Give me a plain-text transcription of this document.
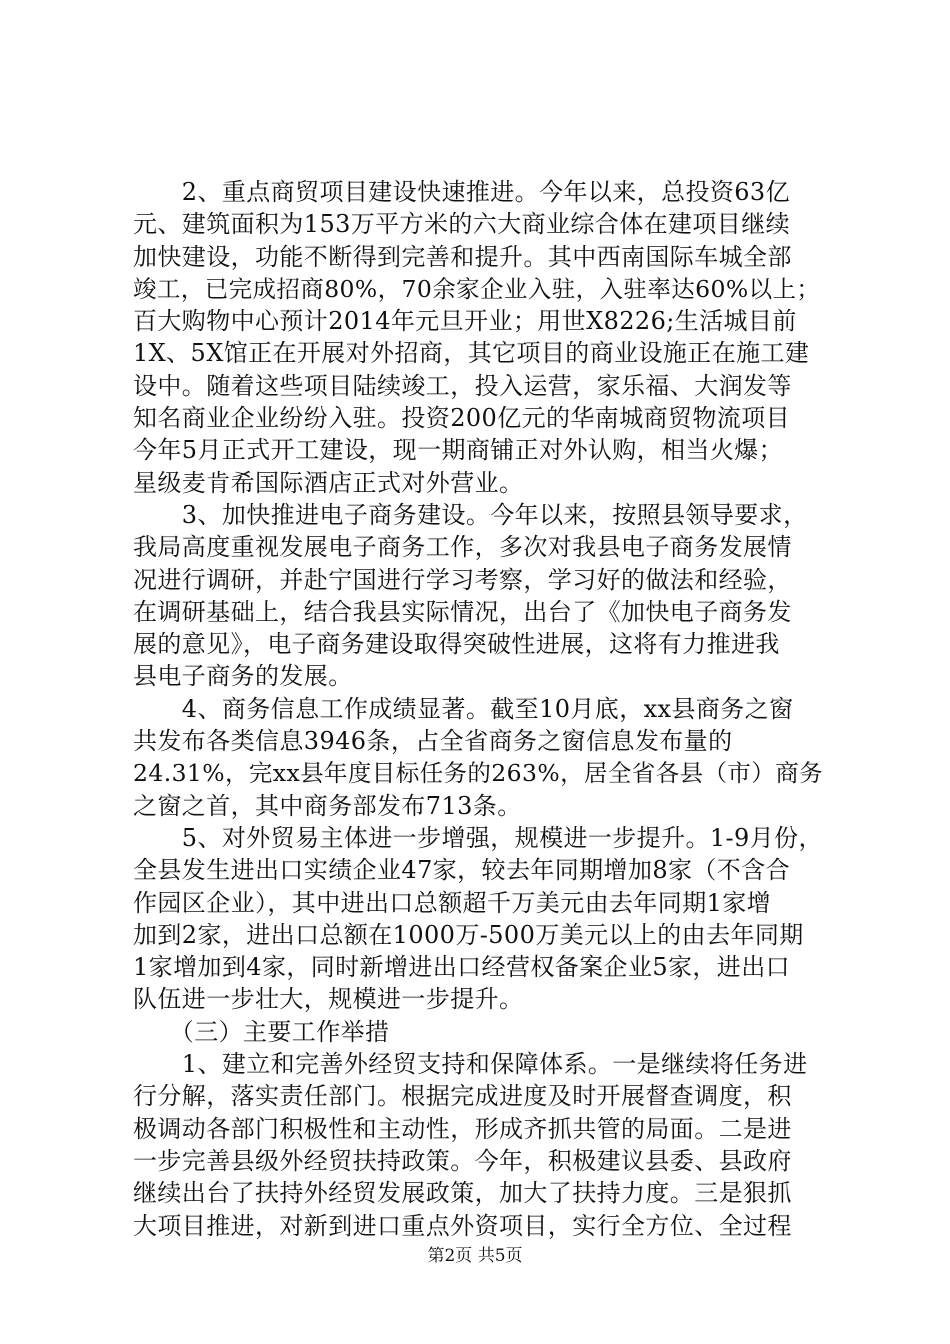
　　2、重点商贸项目建设快速推进。今年以来，总投资63亿
元、建筑面积为153万平方米的六大商业综合体在建项目继续
加快建设，功能不断得到完善和提升。其中西南国际车城全部
竣工，已完成招商80%，70余家企业入驻，入驻率达60%以上；
百大购物中心预计2014年元旦开业；用世X8226;生活城目前
1X、5X馆正在开展对外招商，其它项目的商业设施正在施工建
设中。随着这些项目陆续竣工，投入运营，家乐福、大润发等
知名商业企业纷纷入驻。投资200亿元的华南城商贸物流项目
今年5月正式开工建设，现一期商铺正对外认购，相当火爆；
星级麦肯希国际酒店正式对外营业。
　　3、加快推进电子商务建设。今年以来，按照县领导要求，
我局高度重视发展电子商务工作，多次对我县电子商务发展情
况进行调研，并赴宁国进行学习考察，学习好的做法和经验，
在调研基础上，结合我县实际情况，出台了《加快电子商务发
展的意见》，电子商务建设取得突破性进展，这将有力推进我
县电子商务的发展。
　　4、商务信息工作成绩显著。截至10月底，xx县商务之窗
共发布各类信息3946条，占全省商务之窗信息发布量的
24.31%，完xx县年度目标任务的263%，居全省各县（市）商务
之窗之首，其中商务部发布713条。
　　5、对外贸易主体进一步增强，规模进一步提升。1-9月份，
全县发生进出口实绩企业47家，较去年同期增加8家（不含合
作园区企业），其中进出口总额超千万美元由去年同期1家增
加到2家，进出口总额在1000万-500万美元以上的由去年同期
1家增加到4家，同时新增进出口经营权备案企业5家，进出口
队伍进一步壮大，规模进一步提升。
　　（三）主要工作举措
　　1、建立和完善外经贸支持和保障体系。一是继续将任务进
行分解，落实责任部门。根据完成进度及时开展督查调度，积
极调动各部门积极性和主动性，形成齐抓共管的局面。二是进
一步完善县级外经贸扶持政策。今年，积极建议县委、县政府
继续出台了扶持外经贸发展政策，加大了扶持力度。三是狠抓
大项目推进，对新到进口重点外资项目，实行全方位、全过程
第2页 共5页
